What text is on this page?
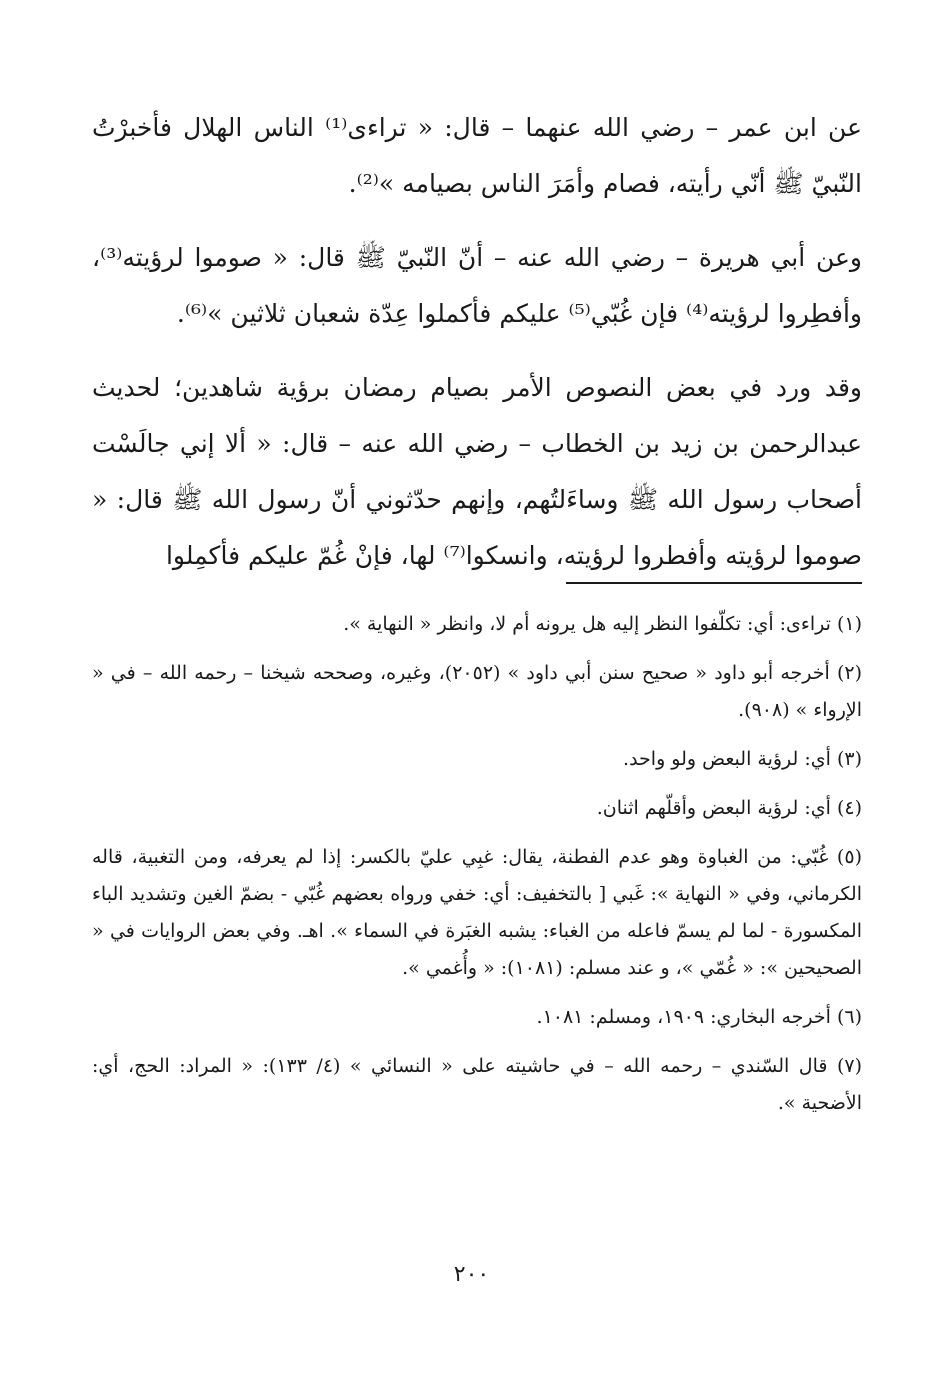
عن ابن عمر – رضي الله عنهما – قال: « تراءى⁽¹⁾ الناس الهلال فأخبرْتُ النّبيّ ﷺ أنّي رأيته، فصام وأمَرَ الناس بصيامه »⁽²⁾.

وعن أبي هريرة – رضي الله عنه – أنّ النّبيّ ﷺ قال: « صوموا لرؤيته⁽³⁾، وأفطِروا لرؤيته⁽⁴⁾ فإن غُبّي⁽⁵⁾ عليكم فأكملوا عِدّة شعبان ثلاثين »⁽⁶⁾.

وقد ورد في بعض النصوص الأمر بصيام رمضان برؤية شاهدين؛ لحديث عبدالرحمن بن زيد بن الخطاب – رضي الله عنه – قال: « ألا إني جالَسْت أصحاب رسول الله ﷺ وساءَلتُهم، وإنهم حدّثوني أنّ رسول الله ﷺ قال: « صوموا لرؤيته وأفطروا لرؤيته، وانسكوا⁽⁷⁾ لها، فإنْ غُمّ عليكم فأكمِلوا

(١) تراءى: أي: تكلّفوا النظر إليه هل يرونه أم لا، وانظر « النهاية ».

(٢) أخرجه أبو داود « صحيح سنن أبي داود » (٢٠٥٢)، وغيره، وصححه شيخنا – رحمه الله – في « الإرواء » (٩٠٨).

(٣) أي: لرؤية البعض ولو واحد.

(٤) أي: لرؤية البعض وأقلّهم اثنان.

(٥) غُبّي: من الغباوة وهو عدم الفطنة، يقال: غبِي عليّ بالكسر: إذا لم يعرفه، ومن التغبية، قاله الكرماني، وفي « النهاية »: غَبي [ بالتخفيف: أي: خفي ورواه بعضهم غُبّي - بضمّ الغين وتشديد الباء المكسورة - لما لم يسمّ فاعله من الغباء: يشبه الغبَرة في السماء ». اهـ. وفي بعض الروايات في « الصحيحين »: « غُمّي »، و عند مسلم: (١٠٨١): « وأُغمي ».

(٦) أخرجه البخاري: ١٩٠٩، ومسلم: ١٠٨١.

(٧) قال السّندي – رحمه الله – في حاشيته على « النسائي » (٤/ ١٣٣): « المراد: الحج، أي: الأضحية ».

٢٠٠
